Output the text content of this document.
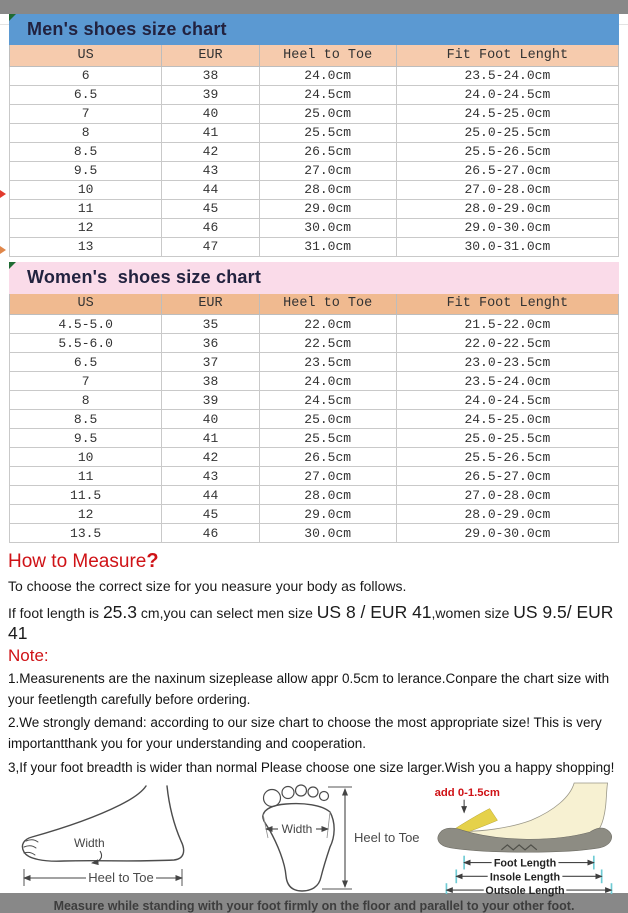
Men's shoes size chart
US	EUR	Heel to Toe	Fit Foot Lenght
6	38	24.0cm	23.5-24.0cm
6.5	39	24.5cm	24.0-24.5cm
7	40	25.0cm	24.5-25.0cm
8	41	25.5cm	25.0-25.5cm
8.5	42	26.5cm	25.5-26.5cm
9.5	43	27.0cm	26.5-27.0cm
10	44	28.0cm	27.0-28.0cm
11	45	29.0cm	28.0-29.0cm
12	46	30.0cm	29.0-30.0cm
13	47	31.0cm	30.0-31.0cm
Women's  shoes size chart
US	EUR	Heel to Toe	Fit Foot Lenght
4.5-5.0	35	22.0cm	21.5-22.0cm
5.5-6.0	36	22.5cm	22.0-22.5cm
6.5	37	23.5cm	23.0-23.5cm
7	38	24.0cm	23.5-24.0cm
8	39	24.5cm	24.0-24.5cm
8.5	40	25.0cm	24.5-25.0cm
9.5	41	25.5cm	25.0-25.5cm
10	42	26.5cm	25.5-26.5cm
11	43	27.0cm	26.5-27.0cm
11.5	44	28.0cm	27.0-28.0cm
12	45	29.0cm	28.0-29.0cm
13.5	46	30.0cm	29.0-30.0cm
How to Measure?

To choose the correct size for you neasure your body as follows.

If foot length is 25.3 cm,you can select men size US 8 / EUR 41,women size US 9.5/ EUR 41

Note:

1.Measurenents are the naxinum sizeplease allow appr 0.5cm to lerance.Conpare the chart size with your feetlength carefully before ordering.

2.We strongly demand: according to our size chart to choose the most appropriate size! This is very importantthank you for your understanding and cooperation.

3,If your foot breadth is wider than normal Please choose one size larger.Wish you a happy shopping!

Width
Heel to Toe
Width
Heel to Toe
add 0-1.5cm
Foot Length
Insole Length
Outsole Length

Measure while standing with your foot firmly on the floor and parallel to your other foot.
